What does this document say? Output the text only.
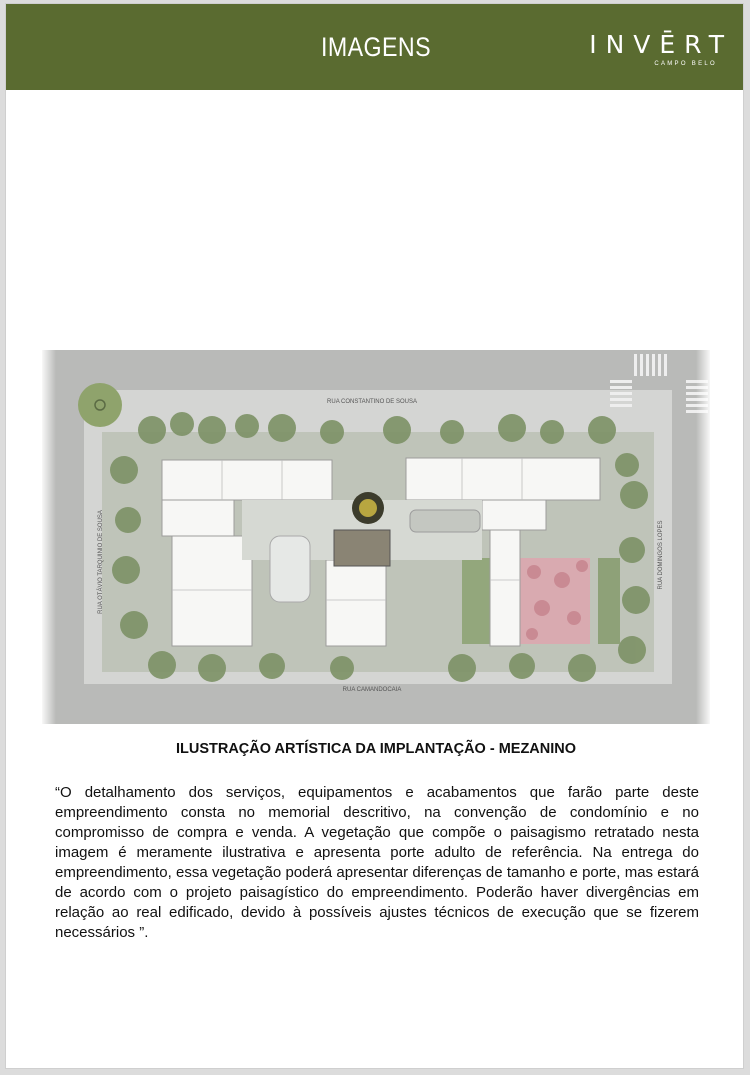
IMAGENS	INVĒRT
CAMPO BELO
RUA CONSTANTINO DE SOUSA
RUA CAMANDOCAIA
RUA OTÁVIO TARQUINIO DE SOUSA	RUA DOMINGOS LOPES
ILUSTRAÇÃO ARTÍSTICA DA IMPLANTAÇÃO - MEZANINO
“O detalhamento dos serviços, equipamentos e acabamentos que farão parte deste empreendimento consta no memorial descritivo, na convenção de condomínio e no compromisso de compra e venda. A vegetação que compõe o paisagismo retratado nesta imagem é meramente ilustrativa e apresenta porte adulto de referência. Na entrega do empreendimento, essa vegetação poderá apresentar diferenças de tamanho e porte, mas estará de acordo com o projeto paisagístico do empreendimento. Poderão haver divergências em relação ao real edificado, devido à possíveis ajustes técnicos de execução que se fizerem necessários ”.
